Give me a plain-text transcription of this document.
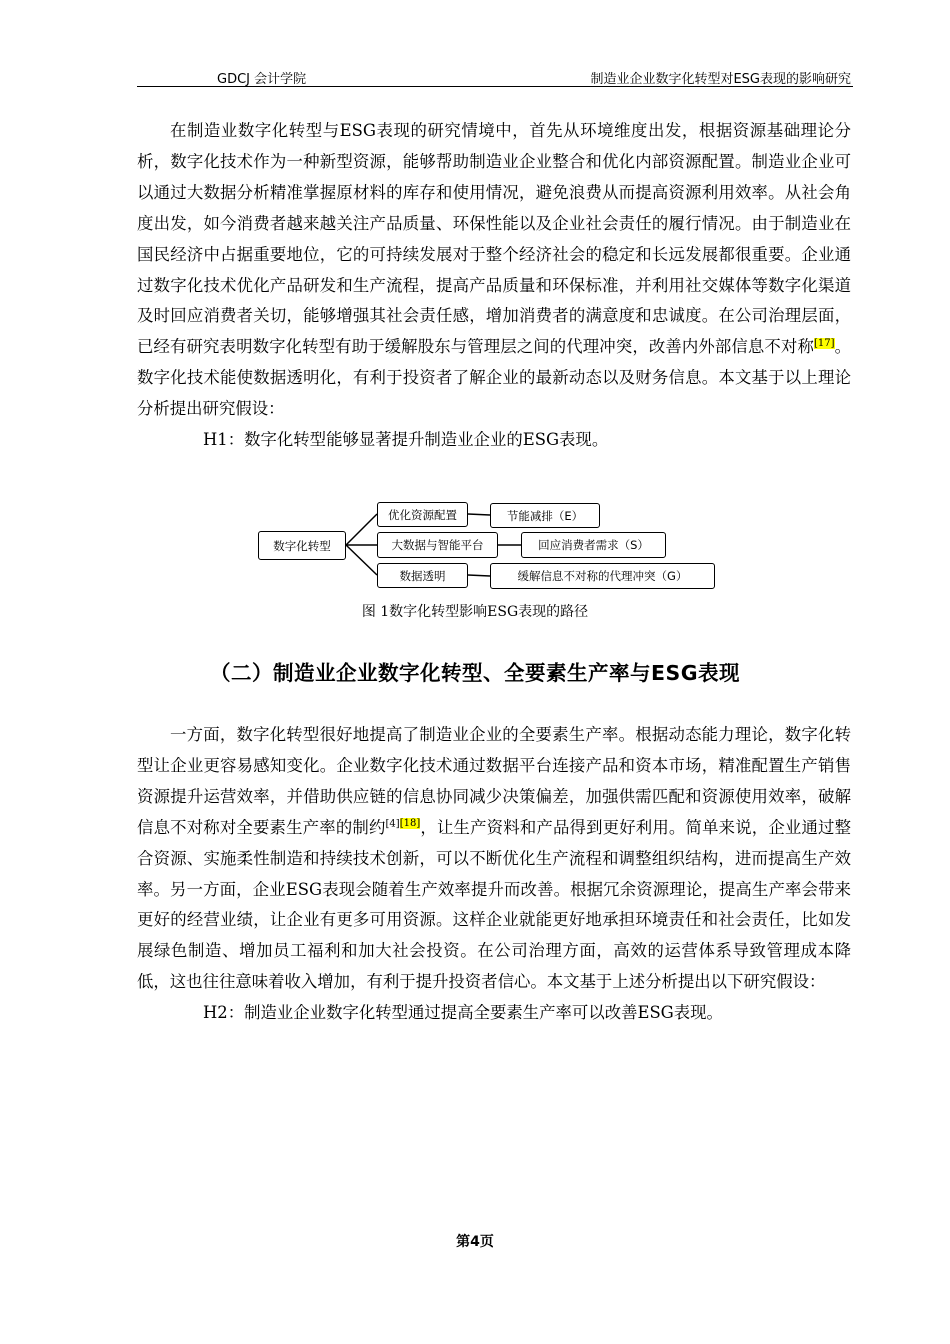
GDCJ 会计学院	制造业企业数字化转型对ESG表现的影响研究

在制造业数字化转型与ESG表现的研究情境中，首先从环境维度出发，根据资源基础理论分析，数字化技术作为一种新型资源，能够帮助制造业企业整合和优化内部资源配置。制造业企业可以通过大数据分析精准掌握原材料的库存和使用情况，避免浪费从而提高资源利用效率。从社会角度出发，如今消费者越来越关注产品质量、环保性能以及企业社会责任的履行情况。由于制造业在国民经济中占据重要地位，它的可持续发展对于整个经济社会的稳定和长远发展都很重要。企业通过数字化技术优化产品研发和生产流程，提高产品质量和环保标准，并利用社交媒体等数字化渠道及时回应消费者关切，能够增强其社会责任感，增加消费者的满意度和忠诚度。在公司治理层面，已经有研究表明数字化转型有助于缓解股东与管理层之间的代理冲突，改善内外部信息不对称[17]。数字化技术能使数据透明化，有利于投资者了解企业的最新动态以及财务信息。本文基于以上理论分析提出研究假设：

H1：数字化转型能够显著提升制造业企业的ESG表现。

数字化转型
优化资源配置
大数据与智能平台
数据透明
节能减排（E）
回应消费者需求（S）
缓解信息不对称的代理冲突（G）
图 1数字化转型影响ESG表现的路径
（二）制造业企业数字化转型、全要素生产率与ESG表现

一方面，数字化转型很好地提高了制造业企业的全要素生产率。根据动态能力理论，数字化转型让企业更容易感知变化。企业数字化技术通过数据平台连接产品和资本市场，精准配置生产销售资源提升运营效率，并借助供应链的信息协同减少决策偏差，加强供需匹配和资源使用效率，破解信息不对称对全要素生产率的制约[4][18]，让生产资料和产品得到更好利用。简单来说，企业通过整合资源、实施柔性制造和持续技术创新，可以不断优化生产流程和调整组织结构，进而提高生产效率。另一方面，企业ESG表现会随着生产效率提升而改善。根据冗余资源理论，提高生产率会带来更好的经营业绩，让企业有更多可用资源。这样企业就能更好地承担环境责任和社会责任，比如发展绿色制造、增加员工福利和加大社会投资。在公司治理方面，高效的运营体系导致管理成本降低，这也往往意味着收入增加，有利于提升投资者信心。本文基于上述分析提出以下研究假设：

H2：制造业企业数字化转型通过提高全要素生产率可以改善ESG表现。

第4页
